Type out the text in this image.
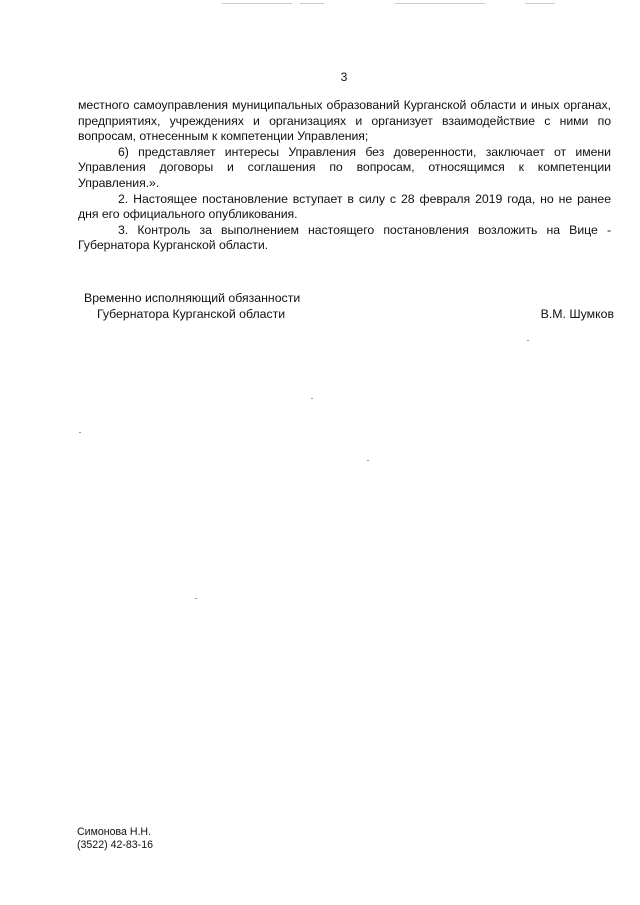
3

местного самоуправления муниципальных образований Курганской области и иных органах, предприятиях, учреждениях и организациях и организует взаимодействие с ними по вопросам, отнесенным к компетенции Управления;

6) представляет интересы Управления без доверенности, заключает от имени Управления договоры и соглашения по вопросам, относящимся к компетенции Управления.».

2. Настоящее постановление вступает в силу с 28 февраля 2019 года, но не ранее дня его официального опубликования.

3. Контроль за выполнением настоящего постановления возложить на Вице - Губернатора Курганской области.

Временно исполняющий обязанности
Губернатора Курганской области	В.М. Шумков
Симонова Н.Н.
(3522) 42-83-16
